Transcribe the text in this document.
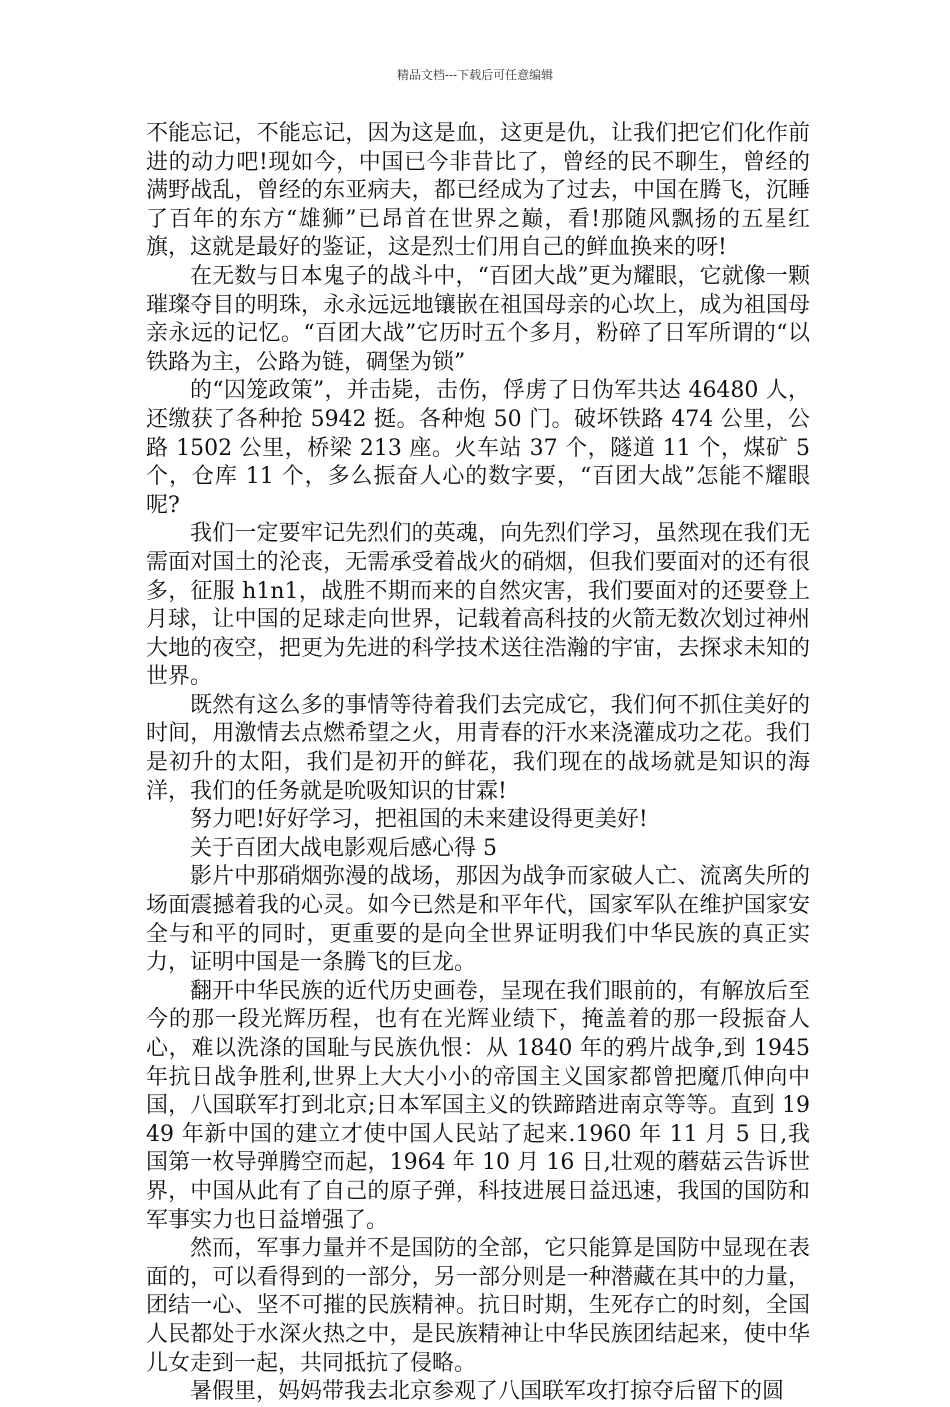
精品文档---下载后可任意编辑

不能忘记，不能忘记，因为这是血，这更是仇，让我们把它们化作前进的动力吧!现如今，中国已今非昔比了，曾经的民不聊生，曾经的满野战乱，曾经的东亚病夫，都已经成为了过去，中国在腾飞，沉睡了百年的东方“雄狮”已昂首在世界之巅，看!那随风飘扬的五星红旗，这就是最好的鉴证，这是烈士们用自己的鲜血换来的呀!

在无数与日本鬼子的战斗中，“百团大战”更为耀眼，它就像一颗璀璨夺目的明珠，永永远远地镶嵌在祖国母亲的心坎上，成为祖国母亲永远的记忆。“百团大战”它历时五个多月，粉碎了日军所谓的“以铁路为主，公路为链，碉堡为锁”

的“囚笼政策”，并击毙，击伤，俘虏了日伪军共达 46480 人，还缴获了各种抢 5942 挺。各种炮 50 门。破坏铁路 474 公里，公路 1502 公里，桥梁 213 座。火车站 37 个，隧道 11 个，煤矿 5 个，仓库 11 个，多么振奋人心的数字要，“百团大战”怎能不耀眼呢?

我们一定要牢记先烈们的英魂，向先烈们学习，虽然现在我们无需面对国土的沦丧，无需承受着战火的硝烟，但我们要面对的还有很多，征服 h1n1，战胜不期而来的自然灾害，我们要面对的还要登上月球，让中国的足球走向世界，记载着高科技的火箭无数次划过神州大地的夜空，把更为先进的科学技术送往浩瀚的宇宙，去探求未知的世界。

既然有这么多的事情等待着我们去完成它，我们何不抓住美好的时间，用激情去点燃希望之火，用青春的汗水来浇灌成功之花。我们是初升的太阳，我们是初开的鲜花，我们现在的战场就是知识的海洋，我们的任务就是吮吸知识的甘霖!

努力吧!好好学习，把祖国的未来建设得更美好!

关于百团大战电影观后感心得 5

影片中那硝烟弥漫的战场，那因为战争而家破人亡、流离失所的场面震撼着我的心灵。如今已然是和平年代，国家军队在维护国家安全与和平的同时，更重要的是向全世界证明我们中华民族的真正实力，证明中国是一条腾飞的巨龙。

翻开中华民族的近代历史画卷，呈现在我们眼前的，有解放后至今的那一段光辉历程，也有在光辉业绩下，掩盖着的那一段振奋人心，难以洗涤的国耻与民族仇恨：从 1840 年的鸦片战争,到 1945 年抗日战争胜利,世界上大大小小的帝国主义国家都曾把魔爪伸向中国，八国联军打到北京;日本军国主义的铁蹄踏进南京等等。直到 1949 年新中国的建立才使中国人民站了起来.1960 年 11 月 5 日,我国第一枚导弹腾空而起，1964 年 10 月 16 日,壮观的蘑菇云告诉世界，中国从此有了自己的原子弹，科技进展日益迅速，我国的国防和军事实力也日益增强了。

然而，军事力量并不是国防的全部，它只能算是国防中显现在表面的，可以看得到的一部分，另一部分则是一种潜藏在其中的力量，团结一心、坚不可摧的民族精神。抗日时期，生死存亡的时刻，全国人民都处于水深火热之中，是民族精神让中华民族团结起来，使中华儿女走到一起，共同抵抗了侵略。

暑假里，妈妈带我去北京参观了八国联军攻打掠夺后留下的圆
